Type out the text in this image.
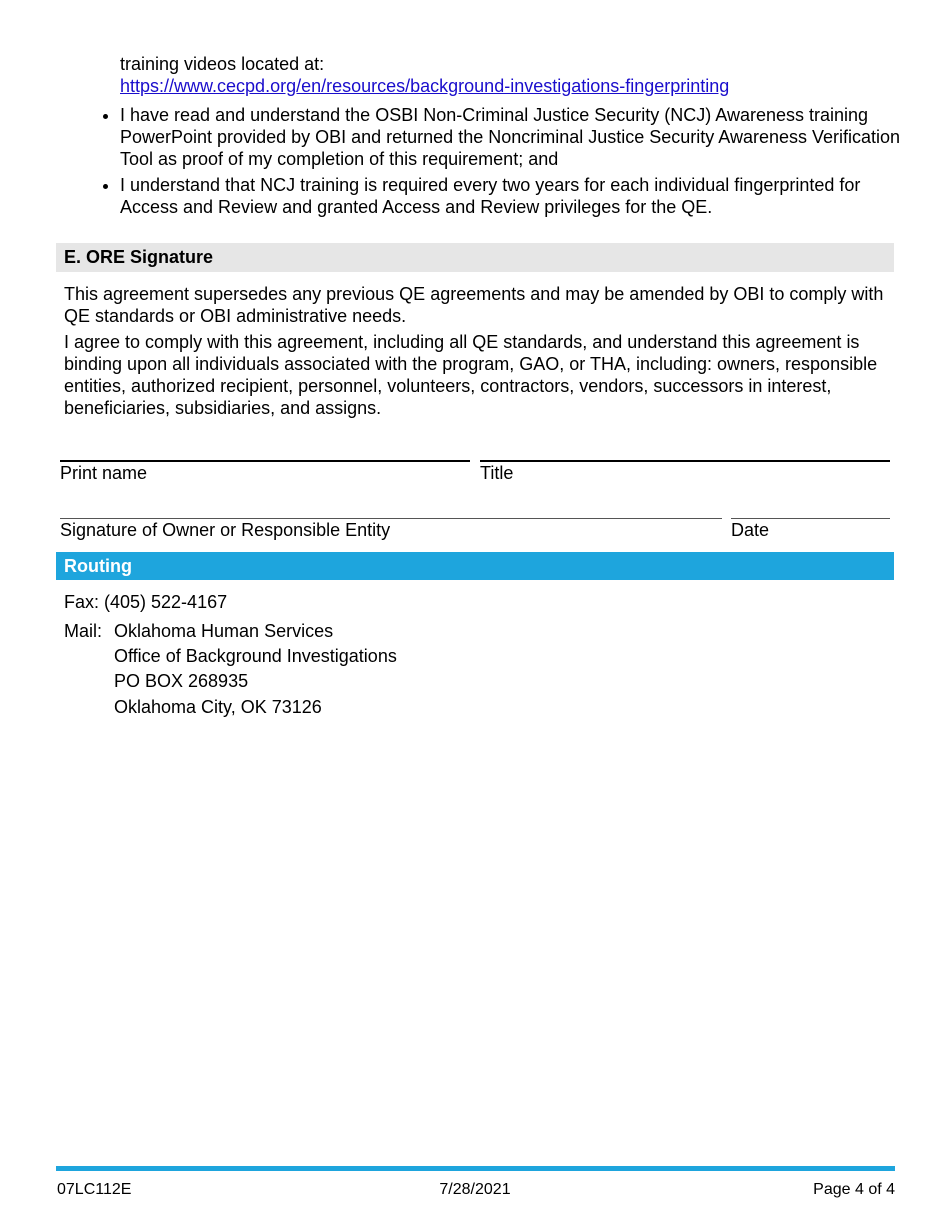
training videos located at:
https://www.cecpd.org/en/resources/background-investigations-fingerprinting
• I have read and understand the OSBI Non-Criminal Justice Security (NCJ) Awareness training PowerPoint provided by OBI and returned the Noncriminal Justice Security Awareness Verification Tool as proof of my completion of this requirement; and
• I understand that NCJ training is required every two years for each individual fingerprinted for Access and Review and granted Access and Review privileges for the QE.
E. ORE Signature
This agreement supersedes any previous QE agreements and may be amended by OBI to comply with QE standards or OBI administrative needs.
I agree to comply with this agreement, including all QE standards, and understand this agreement is binding upon all individuals associated with the program, GAO, or THA, including: owners, responsible entities, authorized recipient, personnel, volunteers, contractors, vendors, successors in interest, beneficiaries, subsidiaries, and assigns.
Print name	Title
Signature of Owner or Responsible Entity	Date
Routing
Fax: (405) 522-4167
Mail: Oklahoma Human Services
Office of Background Investigations
PO BOX 268935
Oklahoma City, OK 73126
07LC112E	7/28/2021	Page 4 of 4
